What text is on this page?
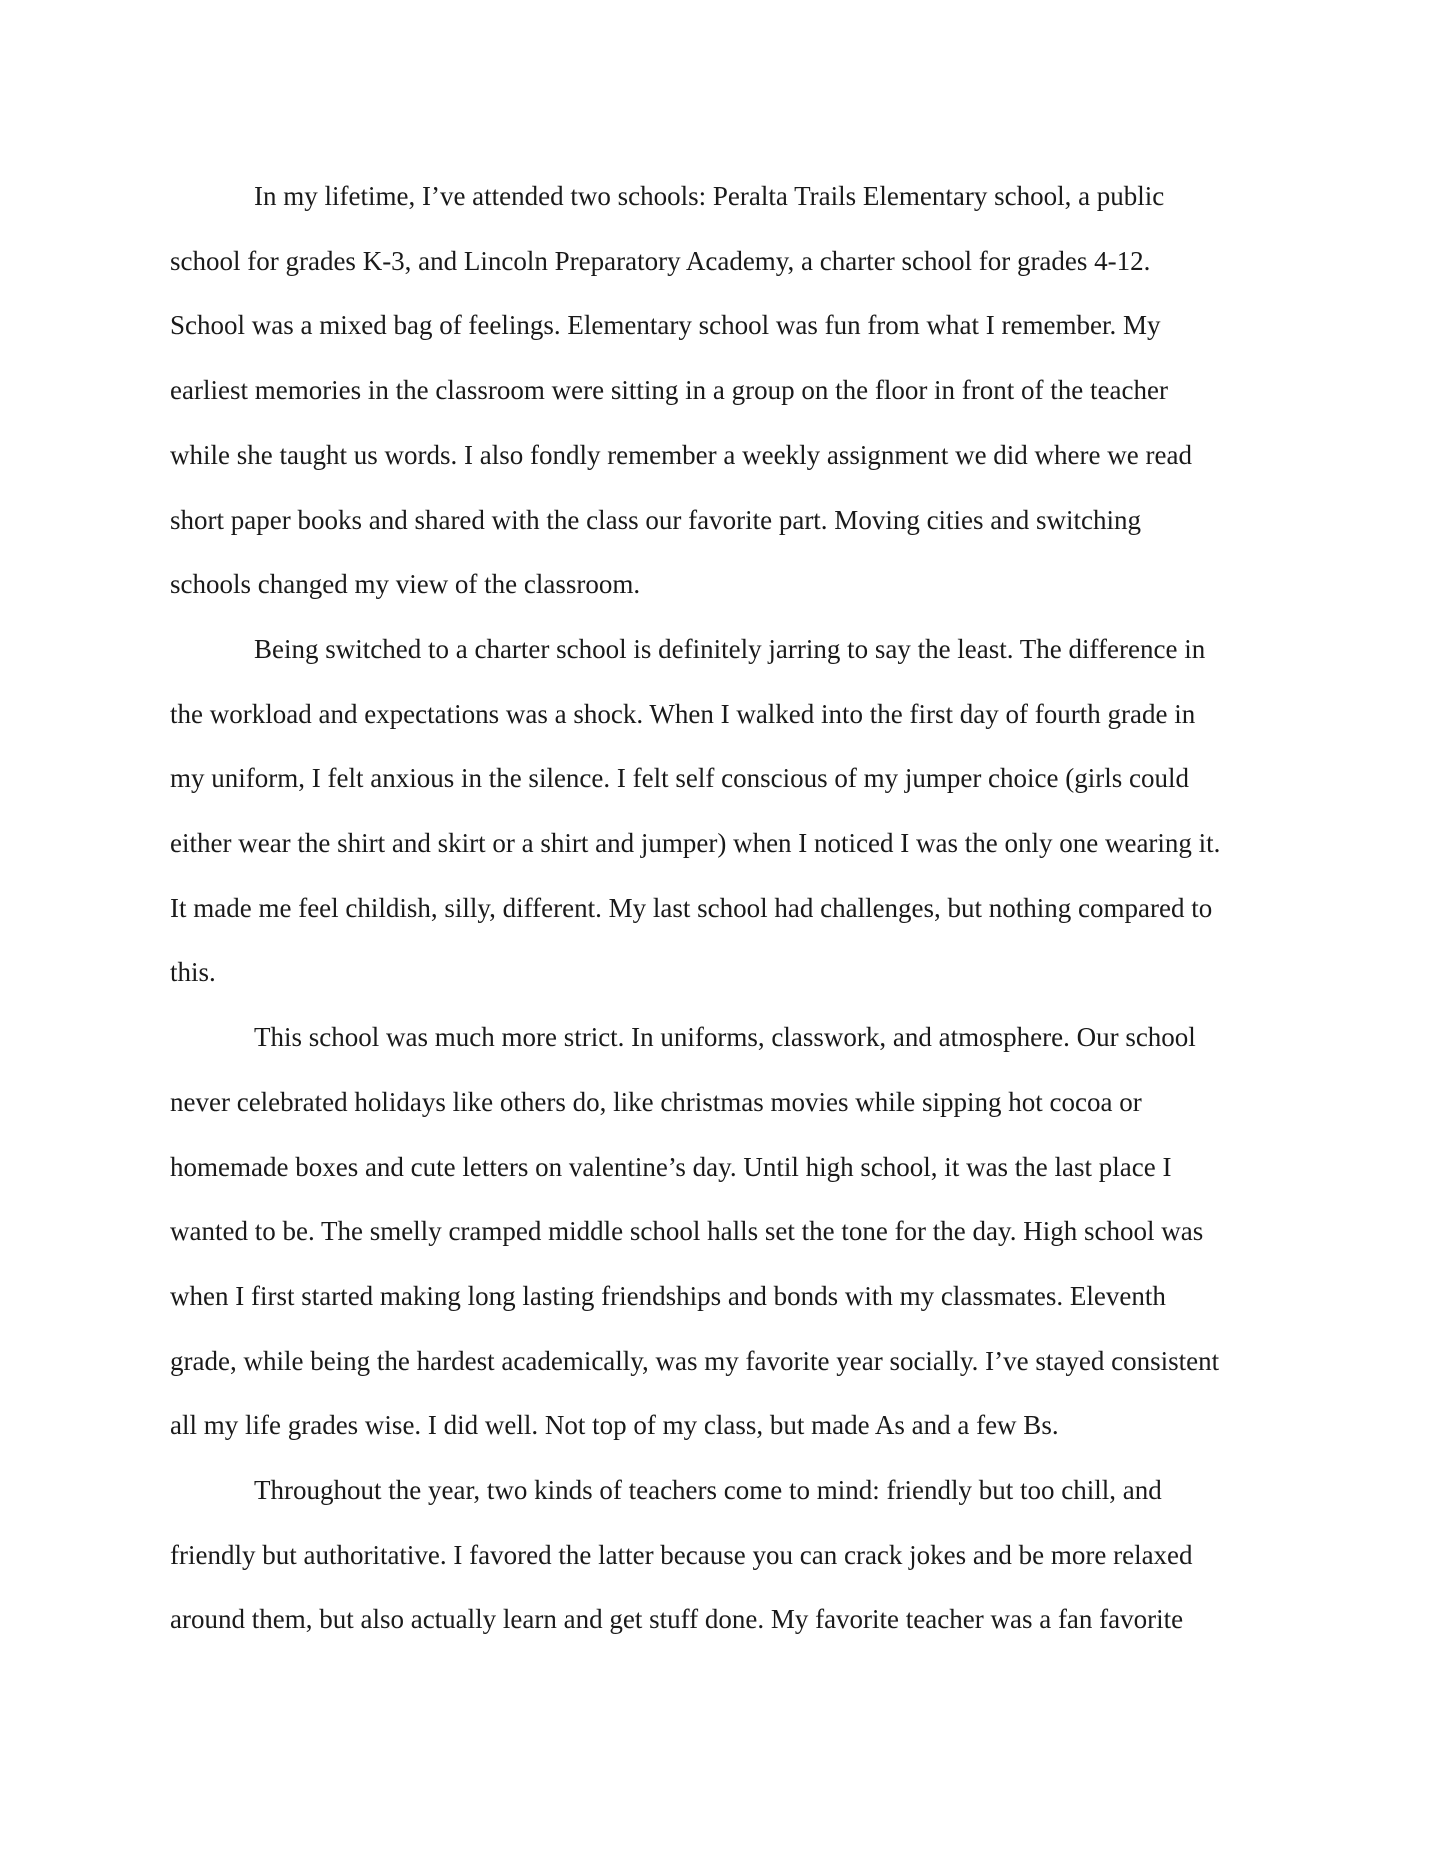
In my lifetime, I’ve attended two schools: Peralta Trails Elementary school, a public
school for grades K-3, and Lincoln Preparatory Academy, a charter school for grades 4-12.
School was a mixed bag of feelings. Elementary school was fun from what I remember. My
earliest memories in the classroom were sitting in a group on the floor in front of the teacher
while she taught us words. I also fondly remember a weekly assignment we did where we read
short paper books and shared with the class our favorite part. Moving cities and switching
schools changed my view of the classroom.

Being switched to a charter school is definitely jarring to say the least. The difference in
the workload and expectations was a shock. When I walked into the first day of fourth grade in
my uniform, I felt anxious in the silence. I felt self conscious of my jumper choice (girls could
either wear the shirt and skirt or a shirt and jumper) when I noticed I was the only one wearing it.
It made me feel childish, silly, different. My last school had challenges, but nothing compared to
this.

This school was much more strict. In uniforms, classwork, and atmosphere. Our school
never celebrated holidays like others do, like christmas movies while sipping hot cocoa or
homemade boxes and cute letters on valentine’s day. Until high school, it was the last place I
wanted to be. The smelly cramped middle school halls set the tone for the day. High school was
when I first started making long lasting friendships and bonds with my classmates. Eleventh
grade, while being the hardest academically, was my favorite year socially. I’ve stayed consistent
all my life grades wise. I did well. Not top of my class, but made As and a few Bs.

Throughout the year, two kinds of teachers come to mind: friendly but too chill, and
friendly but authoritative. I favored the latter because you can crack jokes and be more relaxed
around them, but also actually learn and get stuff done. My favorite teacher was a fan favorite
